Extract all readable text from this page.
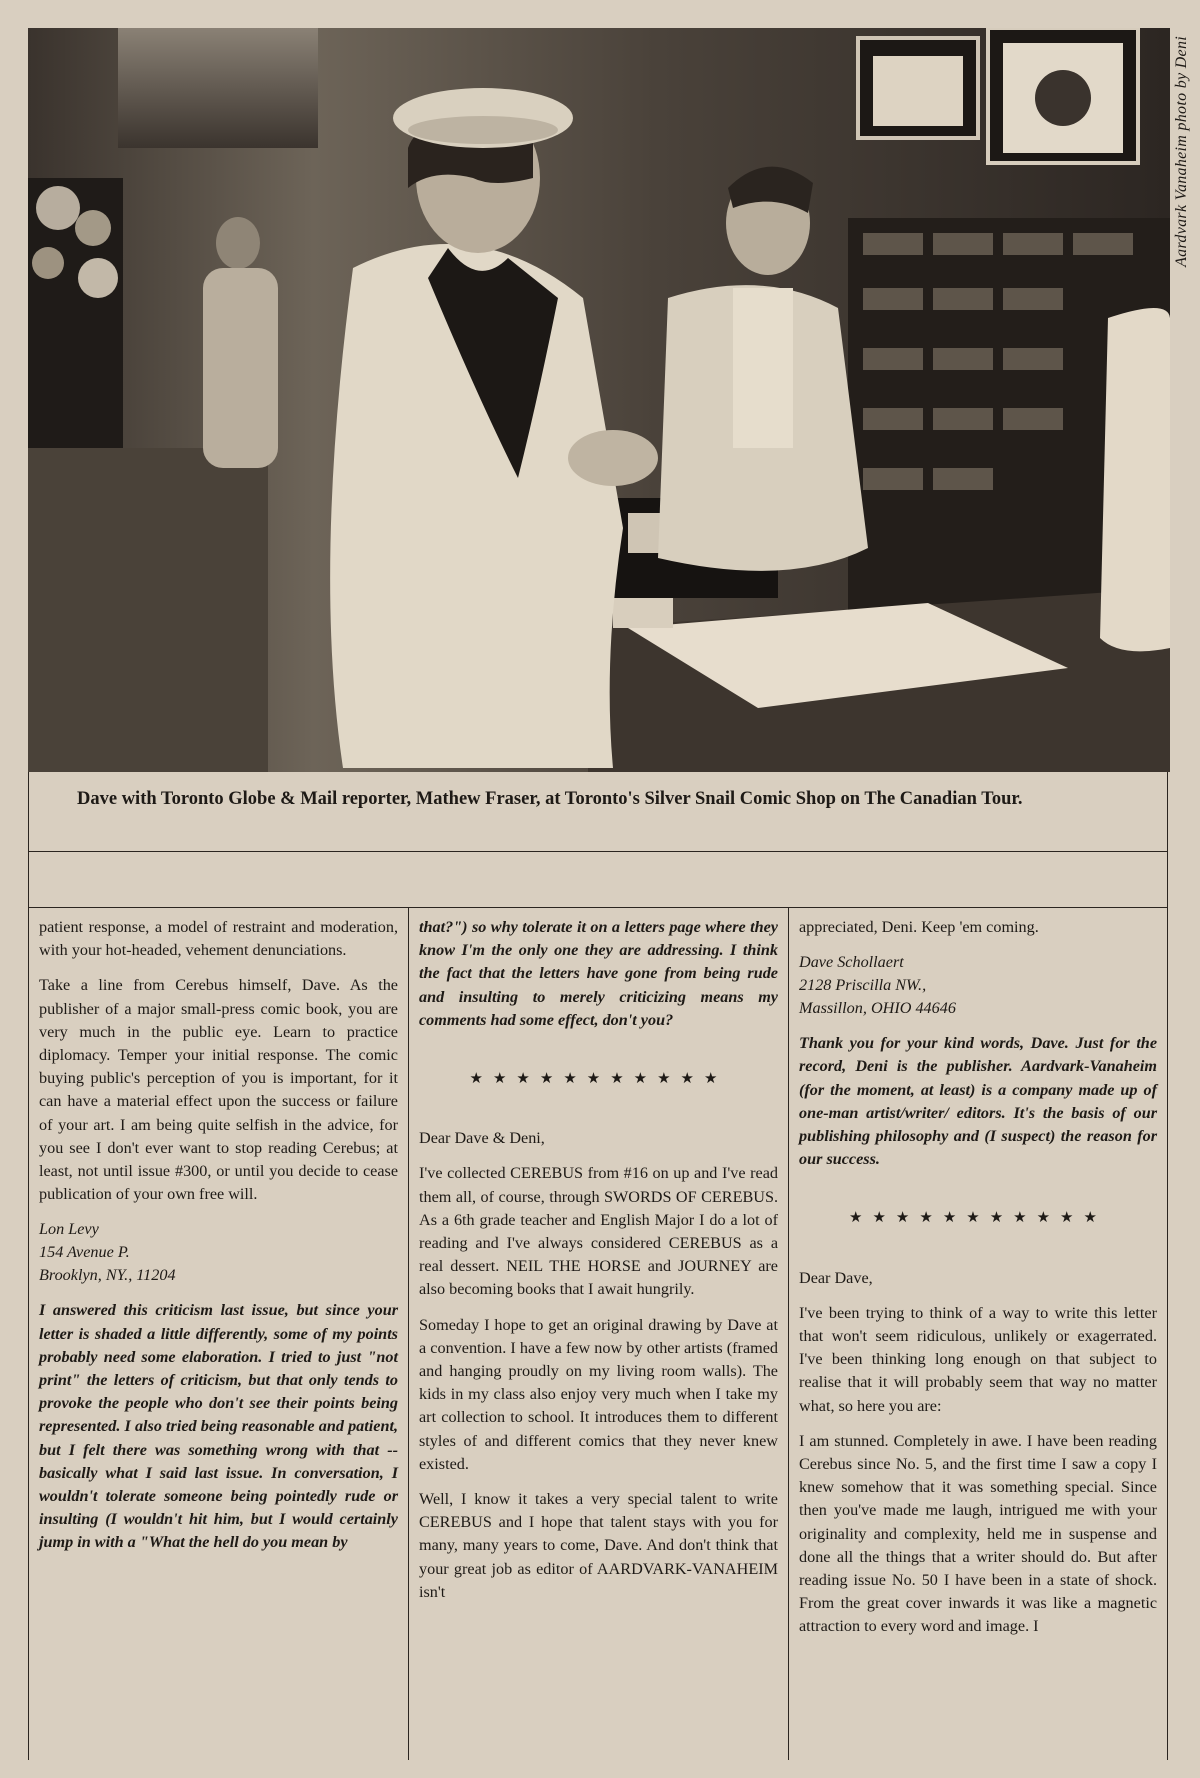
Aardvark Vanaheim photo by Deni
Dave with Toronto Globe & Mail reporter, Mathew Fraser, at Toronto's Silver Snail Comic Shop on The Canadian Tour.

patient response, a model of restraint and moderation, with your hot-headed, vehement denunciations.

Take a line from Cerebus himself, Dave. As the publisher of a major small-press comic book, you are very much in the public eye. Learn to practice diplomacy. Temper your initial response. The comic buying public's perception of you is important, for it can have a material effect upon the success or failure of your art. I am being quite selfish in the advice, for you see I don't ever want to stop reading Cerebus; at least, not until issue #300, or until you decide to cease publication of your own free will.

Lon Levy
154 Avenue P.
Brooklyn, NY., 11204

I answered this criticism last issue, but since your letter is shaded a little differently, some of my points probably need some elaboration. I tried to just "not print" the letters of criticism, but that only tends to provoke the people who don't see their points being represented. I also tried being reasonable and patient, but I felt there was something wrong with that -- basically what I said last issue. In conversation, I wouldn't tolerate someone being pointedly rude or insulting (I wouldn't hit him, but I would certainly jump in with a "What the hell do you mean by

that?") so why tolerate it on a letters page where they know I'm the only one they are addressing. I think the fact that the letters have gone from being rude and insulting to merely criticizing means my comments had some effect, don't you?

★★★★★★★★★★★
Dear Dave & Deni,

I've collected CEREBUS from #16 on up and I've read them all, of course, through SWORDS OF CEREBUS. As a 6th grade teacher and English Major I do a lot of reading and I've always considered CEREBUS as a real dessert. NEIL THE HORSE and JOURNEY are also becoming books that I await hungrily.

Someday I hope to get an original drawing by Dave at a convention. I have a few now by other artists (framed and hanging proudly on my living room walls). The kids in my class also enjoy very much when I take my art collection to school. It introduces them to different styles of and different comics that they never knew existed.

Well, I know it takes a very special talent to write CEREBUS and I hope that talent stays with you for many, many years to come, Dave. And don't think that your great job as editor of AARDVARK-VANAHEIM isn't

appreciated, Deni. Keep 'em coming.

Dave Schollaert
2128 Priscilla NW.,
Massillon, OHIO 44646

Thank you for your kind words, Dave. Just for the record, Deni is the publisher. Aardvark-Vanaheim (for the moment, at least) is a company made up of one-man artist/writer/ editors. It's the basis of our publishing philosophy and (I suspect) the reason for our success.

★★★★★★★★★★★
Dear Dave,

I've been trying to think of a way to write this letter that won't seem ridiculous, unlikely or exagerrated. I've been thinking long enough on that subject to realise that it will probably seem that way no matter what, so here you are:

I am stunned. Completely in awe. I have been reading Cerebus since No. 5, and the first time I saw a copy I knew somehow that it was something special. Since then you've made me laugh, intrigued me with your originality and complexity, held me in suspense and done all the things that a writer should do. But after reading issue No. 50 I have been in a state of shock. From the great cover inwards it was like a magnetic attraction to every word and image. I
